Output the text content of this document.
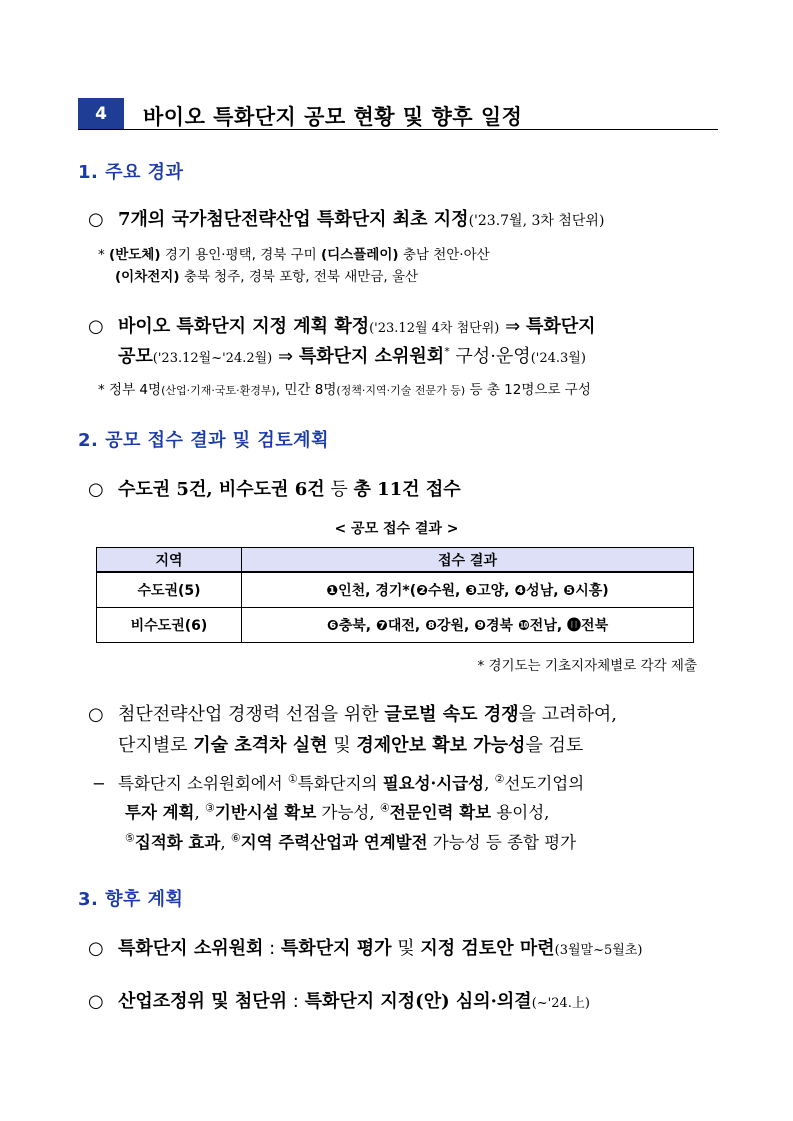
4	바이오 특화단지 공모 현황 및 향후 일정
1. 주요 경과
○ 7개의 국가첨단전략산업 특화단지 최초 지정('23.7월, 3차 첨단위)
* (반도체) 경기 용인·평택, 경북 구미 (디스플레이) 충남 천안·아산
(이차전지) 충북 청주, 경북 포항, 전북 새만금, 울산
○ 바이오 특화단지 지정 계획 확정('23.12월 4차 첨단위) ⇒ 특화단지
공모('23.12월~'24.2월) ⇒ 특화단지 소위원회* 구성·운영('24.3월)
* 정부 4명(산업·기재·국토·환경부), 민간 8명(정책·지역·기술 전문가 등) 등 총 12명으로 구성
2. 공모 접수 결과 및 검토계획
○ 수도권 5건, 비수도권 6건 등 총 11건 접수
< 공모 접수 결과 >
지역	접수 결과
수도권(5)	❶인천, 경기*(❷수원, ❸고양, ❹성남, ❺시흥)
비수도권(6)	❻충북, ❼대전, ❽강원, ❾경북 ❿전남, ⓫전북
* 경기도는 기초지자체별로 각각 제출
○ 첨단전략산업 경쟁력 선점을 위한 글로벌 속도 경쟁을 고려하여,
단지별로 기술 초격차 실현 및 경제안보 확보 가능성을 검토
− 특화단지 소위원회에서 ①특화단지의 필요성·시급성, ②선도기업의
투자 계획, ③기반시설 확보 가능성, ④전문인력 확보 용이성,
⑤집적화 효과, ⑥지역 주력산업과 연계발전 가능성 등 종합 평가
3. 향후 계획
○ 특화단지 소위원회 : 특화단지 평가 및 지정 검토안 마련(3월말~5월초)
○ 산업조정위 및 첨단위 : 특화단지 지정(안) 심의·의결(~'24.上)
